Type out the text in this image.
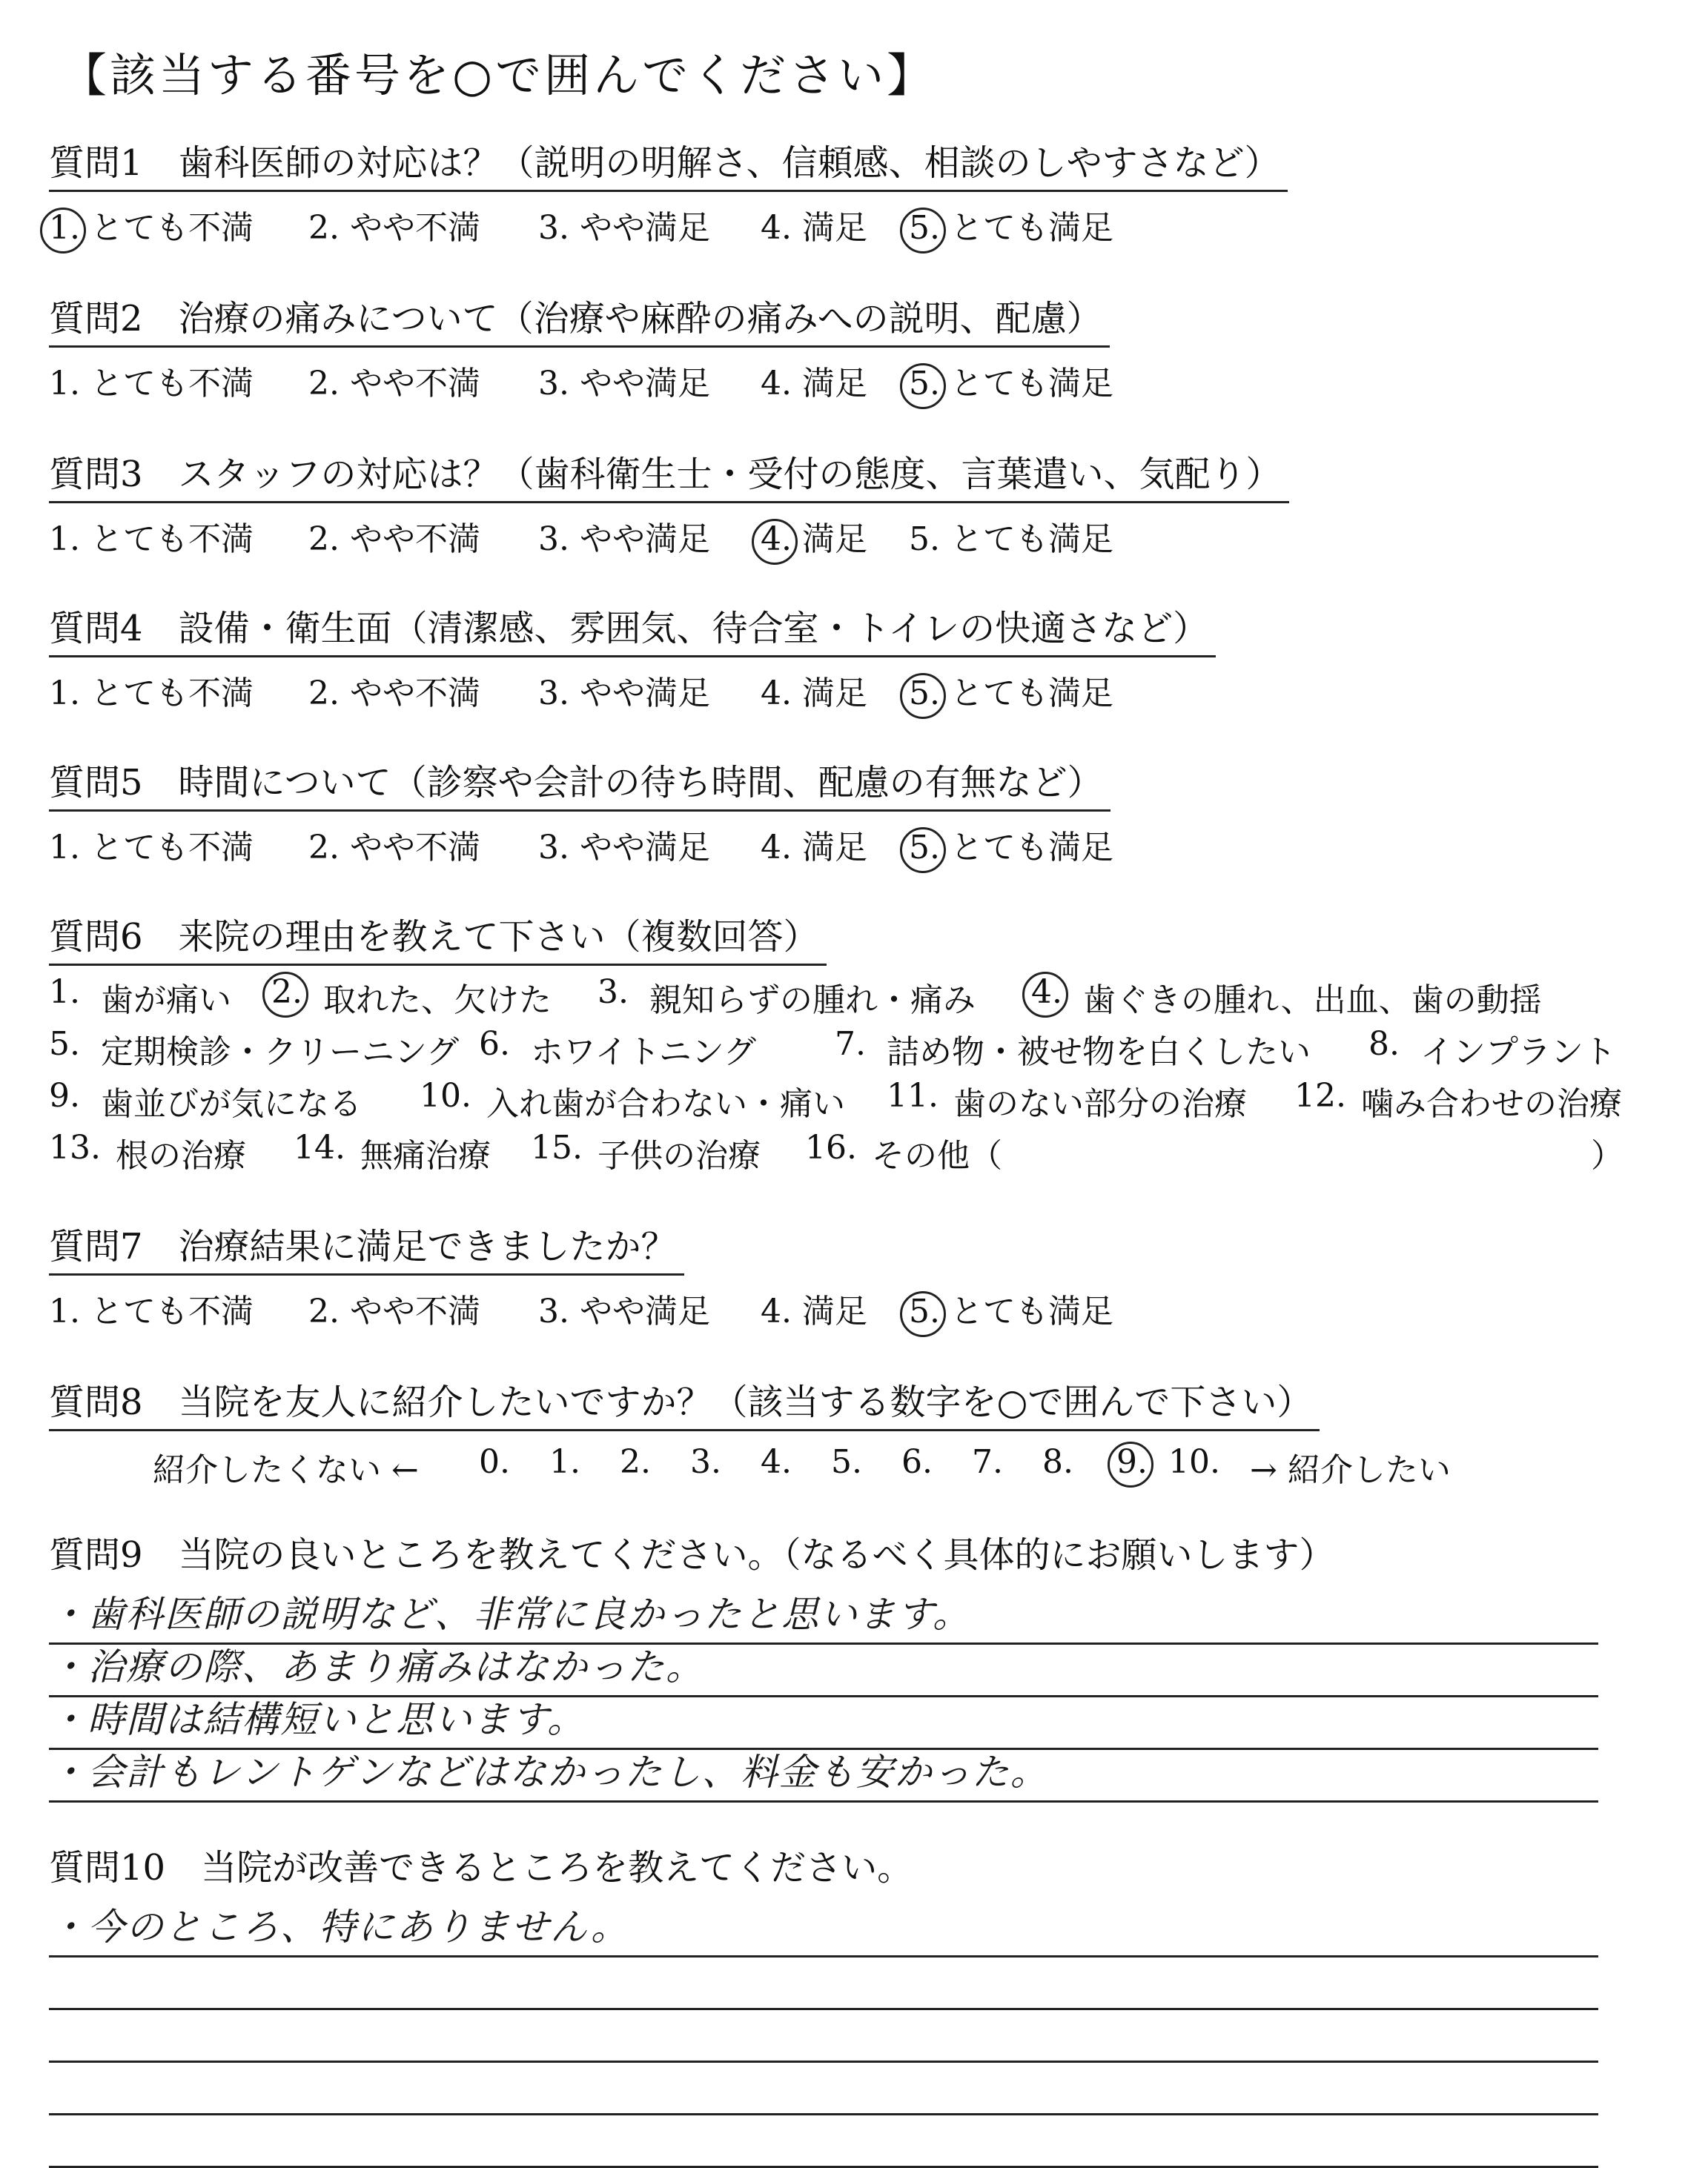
【該当する番号を○で囲んでください】
質問1　歯科医師の対応は？（説明の明解さ、信頼感、相談のしやすさなど）
1. とても不満 2. やや不満 3. やや満足 4. 満足 5. とても満足
質問2　治療の痛みについて（治療や麻酔の痛みへの説明、配慮）
1. とても不満 2. やや不満 3. やや満足 4. 満足 5. とても満足
質問3　スタッフの対応は？（歯科衛生士・受付の態度、言葉遣い、気配り）
1. とても不満 2. やや不満 3. やや満足 4. 満足 5. とても満足
質問4　設備・衛生面（清潔感、雰囲気、待合室・トイレの快適さなど）
1. とても不満 2. やや不満 3. やや満足 4. 満足 5. とても満足
質問5　時間について（診察や会計の待ち時間、配慮の有無など）
1. とても不満 2. やや不満 3. やや満足 4. 満足 5. とても満足
質問6　来院の理由を教えて下さい（複数回答）
1. 歯が痛い 2. 取れた、欠けた 3. 親知らずの腫れ・痛み 4. 歯ぐきの腫れ、出血、歯の動揺
5. 定期検診・クリーニング 6. ホワイトニング 7. 詰め物・被せ物を白くしたい 8. インプラント
9. 歯並びが気になる 10. 入れ歯が合わない・痛い 11. 歯のない部分の治療 12. 噛み合わせの治療
13. 根の治療 14. 無痛治療 15. 子供の治療 16. その他（	）
質問7　治療結果に満足できましたか？
1. とても不満 2. やや不満 3. やや満足 4. 満足 5. とても満足
質問8　当院を友人に紹介したいですか？（該当する数字を○で囲んで下さい）
紹介したくない ← 0. 1. 2. 3. 4. 5. 6. 7. 8. 9. 10. → 紹介したい
質問9　当院の良いところを教えてください。（なるべく具体的にお願いします）
・歯科医師の説明など、非常に良かったと思います。
・治療の際、あまり痛みはなかった。
・時間は結構短いと思います。
・会計もレントゲンなどはなかったし、料金も安かった。
質問10　当院が改善できるところを教えてください。
・今のところ、特にありません。
